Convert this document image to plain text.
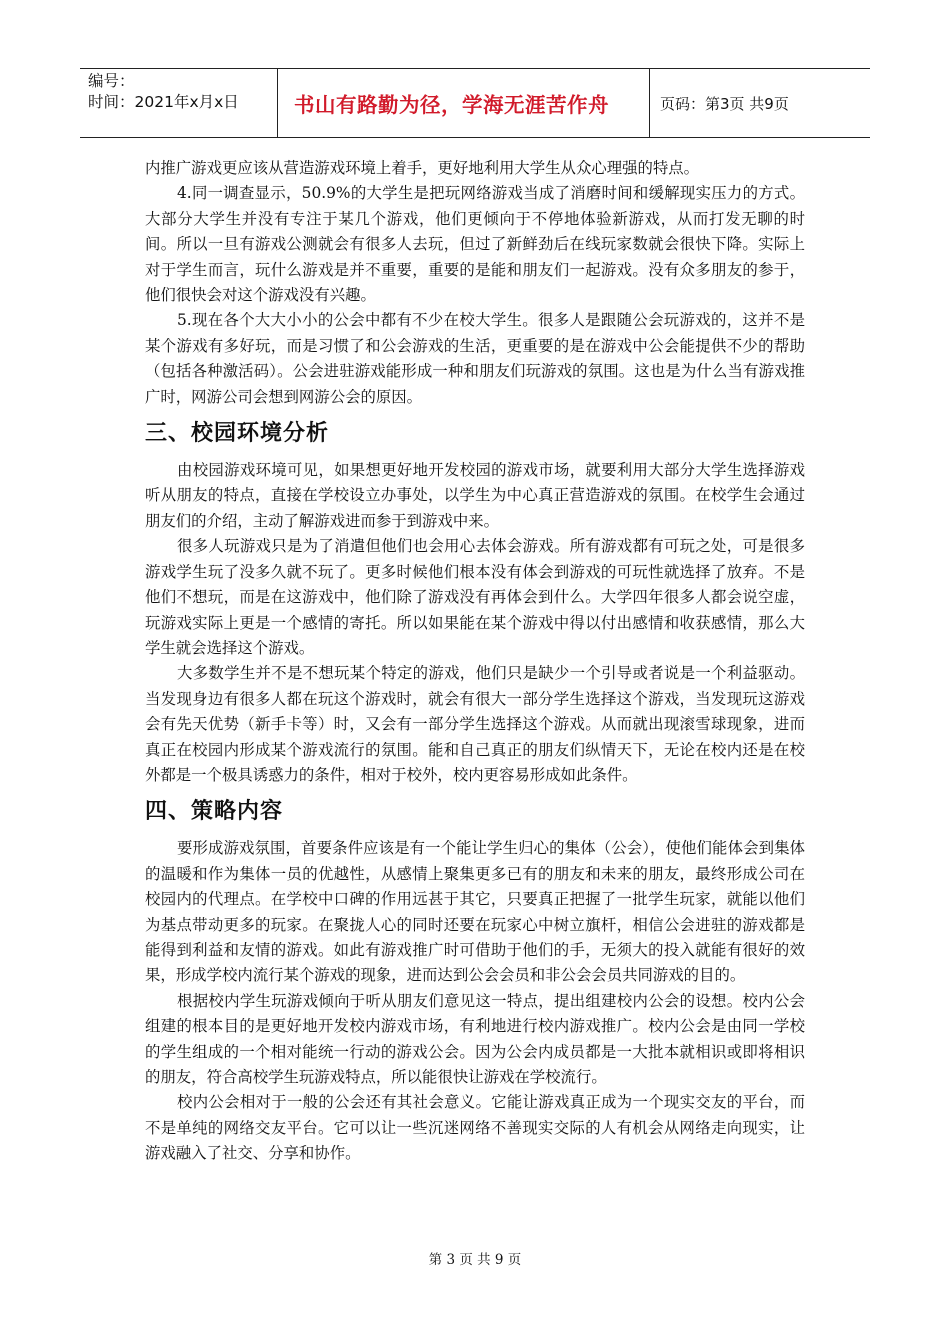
编号：
时间：2021年x月x日	书山有路勤为径，学海无涯苦作舟	页码：第3页 共9页

内推广游戏更应该从营造游戏环境上着手，更好地利用大学生从众心理强的特点。

4.同一调查显示，50.9%的大学生是把玩网络游戏当成了消磨时间和缓解现实压力的方式。大部分大学生并没有专注于某几个游戏，他们更倾向于不停地体验新游戏，从而打发无聊的时间。所以一旦有游戏公测就会有很多人去玩，但过了新鲜劲后在线玩家数就会很快下降。实际上对于学生而言，玩什么游戏是并不重要，重要的是能和朋友们一起游戏。没有众多朋友的参于，他们很快会对这个游戏没有兴趣。

5.现在各个大大小小的公会中都有不少在校大学生。很多人是跟随公会玩游戏的，这并不是某个游戏有多好玩，而是习惯了和公会游戏的生活，更重要的是在游戏中公会能提供不少的帮助（包括各种激活码）。公会进驻游戏能形成一种和朋友们玩游戏的氛围。这也是为什么当有游戏推广时，网游公司会想到网游公会的原因。

三、校园环境分析

由校园游戏环境可见，如果想更好地开发校园的游戏市场，就要利用大部分大学生选择游戏听从朋友的特点，直接在学校设立办事处，以学生为中心真正营造游戏的氛围。在校学生会通过朋友们的介绍，主动了解游戏进而参于到游戏中来。

很多人玩游戏只是为了消遣但他们也会用心去体会游戏。所有游戏都有可玩之处，可是很多游戏学生玩了没多久就不玩了。更多时候他们根本没有体会到游戏的可玩性就选择了放弃。不是他们不想玩，而是在这游戏中，他们除了游戏没有再体会到什么。大学四年很多人都会说空虚，玩游戏实际上更是一个感情的寄托。所以如果能在某个游戏中得以付出感情和收获感情，那么大学生就会选择这个游戏。

大多数学生并不是不想玩某个特定的游戏，他们只是缺少一个引导或者说是一个利益驱动。当发现身边有很多人都在玩这个游戏时，就会有很大一部分学生选择这个游戏，当发现玩这游戏会有先天优势（新手卡等）时，又会有一部分学生选择这个游戏。从而就出现滚雪球现象，进而真正在校园内形成某个游戏流行的氛围。能和自己真正的朋友们纵情天下，无论在校内还是在校外都是一个极具诱惑力的条件，相对于校外，校内更容易形成如此条件。

四、策略内容

要形成游戏氛围，首要条件应该是有一个能让学生归心的集体（公会），使他们能体会到集体的温暖和作为集体一员的优越性，从感情上聚集更多已有的朋友和未来的朋友，最终形成公司在校园内的代理点。在学校中口碑的作用远甚于其它，只要真正把握了一批学生玩家，就能以他们为基点带动更多的玩家。在聚拢人心的同时还要在玩家心中树立旗杆，相信公会进驻的游戏都是能得到利益和友情的游戏。如此有游戏推广时可借助于他们的手，无须大的投入就能有很好的效果，形成学校内流行某个游戏的现象，进而达到公会会员和非公会会员共同游戏的目的。

根据校内学生玩游戏倾向于听从朋友们意见这一特点，提出组建校内公会的设想。校内公会组建的根本目的是更好地开发校内游戏市场，有利地进行校内游戏推广。校内公会是由同一学校的学生组成的一个相对能统一行动的游戏公会。因为公会内成员都是一大批本就相识或即将相识的朋友，符合高校学生玩游戏特点，所以能很快让游戏在学校流行。

校内公会相对于一般的公会还有其社会意义。它能让游戏真正成为一个现实交友的平台，而不是单纯的网络交友平台。它可以让一些沉迷网络不善现实交际的人有机会从网络走向现实，让游戏融入了社交、分享和协作。

第 3 页 共 9 页
